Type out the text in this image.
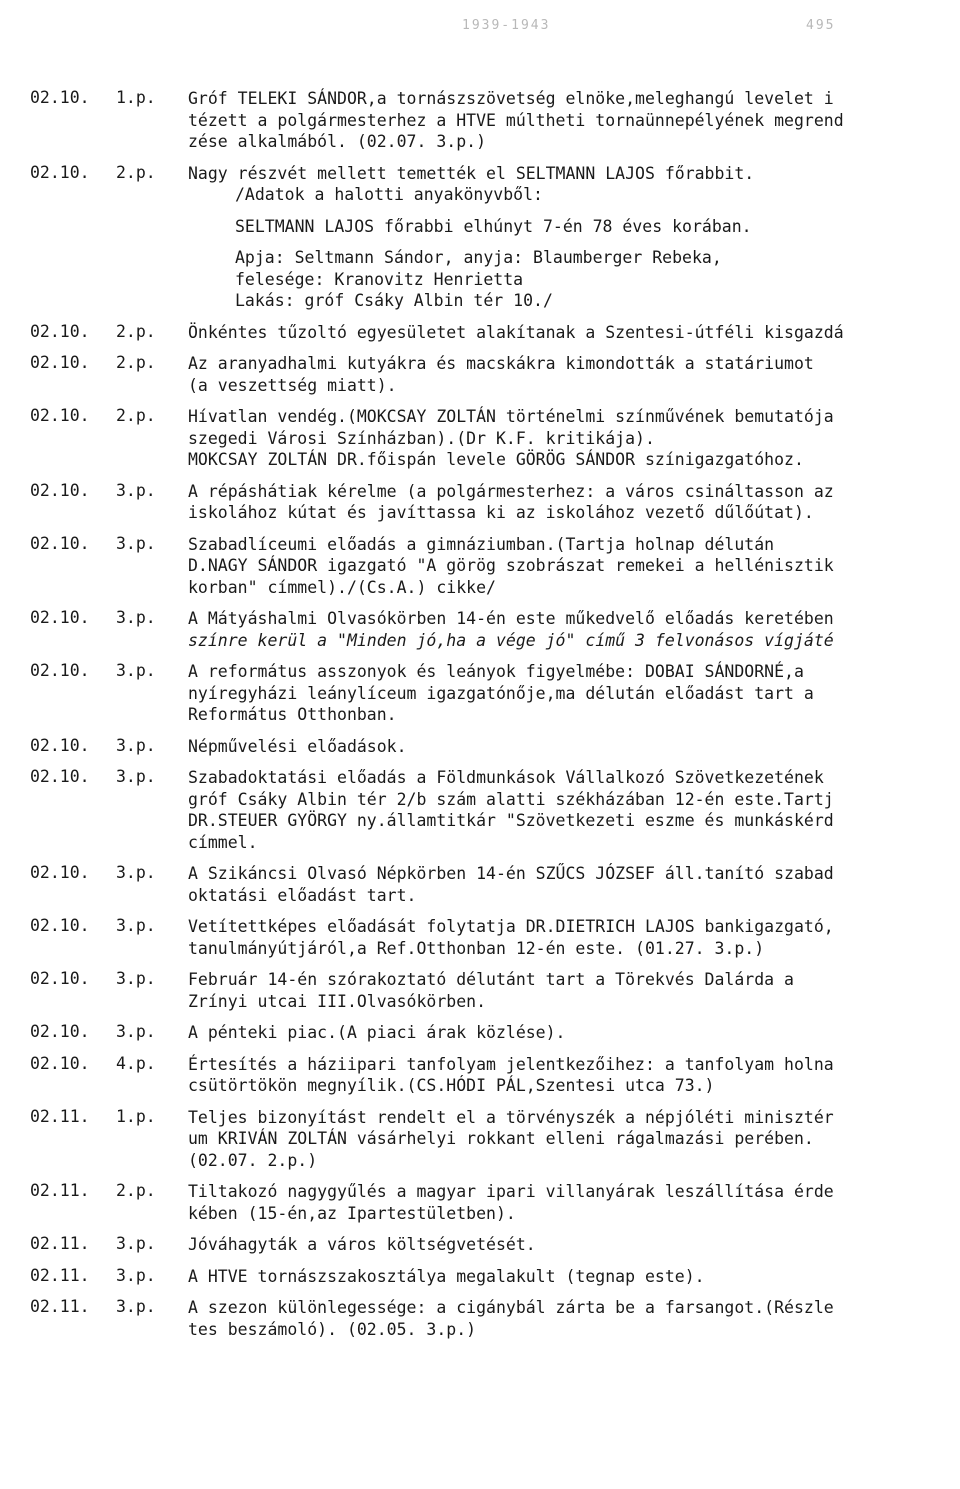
1939-1943	495
02.10.	1.p.	Gróf TELEKI SÁNDOR,a tornászszövetség elnöke,meleghangú levelet i
tézett a polgármesterhez a HTVE múltheti tornaünnepélyének megrend
zése alkalmából. (02.07. 3.p.)
02.10.	2.p.	Nagy részvét mellett temették el SELTMANN LAJOS főrabbit.
/Adatok a halotti anyakönyvből:
SELTMANN LAJOS főrabbi elhúnyt 7-én 78 éves korában.
Apja: Seltmann Sándor, anyja: Blaumberger Rebeka,
felesége: Kranovitz Henrietta
Lakás: gróf Csáky Albin tér 10./
02.10.	2.p.	Önkéntes tűzoltó egyesületet alakítanak a Szentesi-útféli kisgazdá
02.10.	2.p.	Az aranyadhalmi kutyákra és macskákra kimondották a statáriumot
(a veszettség miatt).
02.10.	2.p.	Hívatlan vendég.(MOKCSAY ZOLTÁN történelmi színművének bemutatója
szegedi Városi Színházban).(Dr K.F. kritikája).
MOKCSAY ZOLTÁN DR.főispán levele GÖRÖG SÁNDOR színigazgatóhoz.
02.10.	3.p.	A répáshátiak kérelme (a polgármesterhez: a város csináltasson az
iskolához kútat és javíttassa ki az iskolához vezető dűlőútat).
02.10.	3.p.	Szabadlíceumi előadás a gimnáziumban.(Tartja holnap délután
D.NAGY SÁNDOR igazgató "A görög szobrászat remekei a hellénisztik
korban" címmel)./(Cs.A.) cikke/
02.10.	3.p.	A Mátyáshalmi Olvasókörben 14-én este műkedvelő előadás keretében
színre kerül a "Minden jó,ha a vége jó" című 3 felvonásos vígjáté
02.10.	3.p.	A református asszonyok és leányok figyelmébe: DOBAI SÁNDORNÉ,a
nyíregyházi leánylíceum igazgatónője,ma délután előadást tart a
Református Otthonban.
02.10.	3.p.	Népművelési előadások.
02.10.	3.p.	Szabadoktatási előadás a Földmunkások Vállalkozó Szövetkezetének
gróf Csáky Albin tér 2/b szám alatti székházában 12-én este.Tartj
DR.STEUER GYÖRGY ny.államtitkár "Szövetkezeti eszme és munkáskérd
címmel.
02.10.	3.p.	A Szikáncsi Olvasó Népkörben 14-én SZŰCS JÓZSEF áll.tanító szabad
oktatási előadást tart.
02.10.	3.p.	Vetítettképes előadását folytatja DR.DIETRICH LAJOS bankigazgató,
tanulmányútjáról,a Ref.Otthonban 12-én este. (01.27. 3.p.)
02.10.	3.p.	Február 14-én szórakoztató délutánt tart a Törekvés Dalárda a
Zrínyi utcai III.Olvasókörben.
02.10.	3.p.	A pénteki piac.(A piaci árak közlése).
02.10.	4.p.	Értesítés a háziipari tanfolyam jelentkezőihez: a tanfolyam holna
csütörtökön megnyílik.(CS.HÓDI PÁL,Szentesi utca 73.)
02.11.	1.p.	Teljes bizonyítást rendelt el a törvényszék a népjóléti minisztér
um KRIVÁN ZOLTÁN vásárhelyi rokkant elleni rágalmazási perében.
(02.07. 2.p.)
02.11.	2.p.	Tiltakozó nagygyűlés a magyar ipari villanyárak leszállítása érde
kében (15-én,az Ipartestületben).
02.11.	3.p.	Jóváhagyták a város költségvetését.
02.11.	3.p.	A HTVE tornászszakosztálya megalakult (tegnap este).
02.11.	3.p.	A szezon különlegessége: a cigánybál zárta be a farsangot.(Részle
tes beszámoló). (02.05. 3.p.)
